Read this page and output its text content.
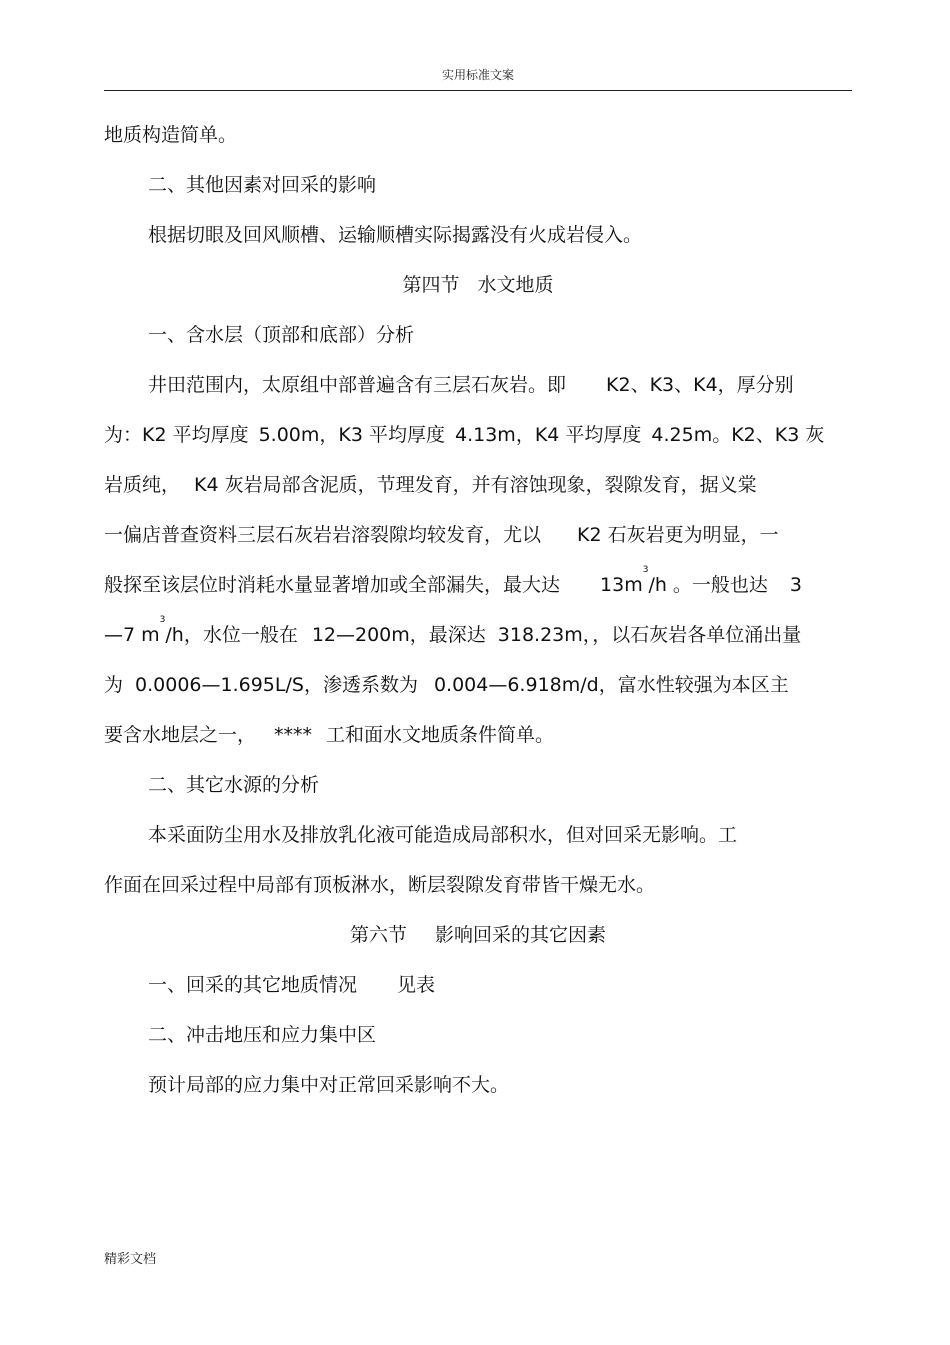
实用标准文案
地质构造简单。
二、其他因素对回采的影响
根据切眼及回风顺槽、运输顺槽实际揭露没有火成岩侵入。
第四节 水文地质
一、含水层（顶部和底部）分析
井田范围内，太原组中部普遍含有三层石灰岩。即 K2、K3、K4，厚分别
为：K2 平均厚度 5.00m，K3 平均厚度 4.13m，K4 平均厚度 4.25m。K2、K3 灰
岩质纯， K4 灰岩局部含泥质，节理发育，并有溶蚀现象，裂隙发育，据义棠
一偏店普查资料三层石灰岩岩溶裂隙均较发育，尤以 K2 石灰岩更为明显，一
般探至该层位时消耗水量显著增加或全部漏失，最大达 $13m^3/h$ 。一般也达 3
—7 $m^3/h$，水位一般在 12—200m，最深达 318.23m，，以石灰岩各单位涌出量
为 0.0006—1.695L/S，渗透系数为 0.004—6.918m/d，富水性较强为本区主
要含水地层之一， **** 工和面水文地质条件简单。
二、其它水源的分析
本采面防尘用水及排放乳化液可能造成局部积水，但对回采无影响。工
作面在回采过程中局部有顶板淋水，断层裂隙发育带皆干燥无水。
第六节 影响回采的其它因素
一、回采的其它地质情况 见表
二、冲击地压和应力集中区
预计局部的应力集中对正常回采影响不大。
精彩文档
